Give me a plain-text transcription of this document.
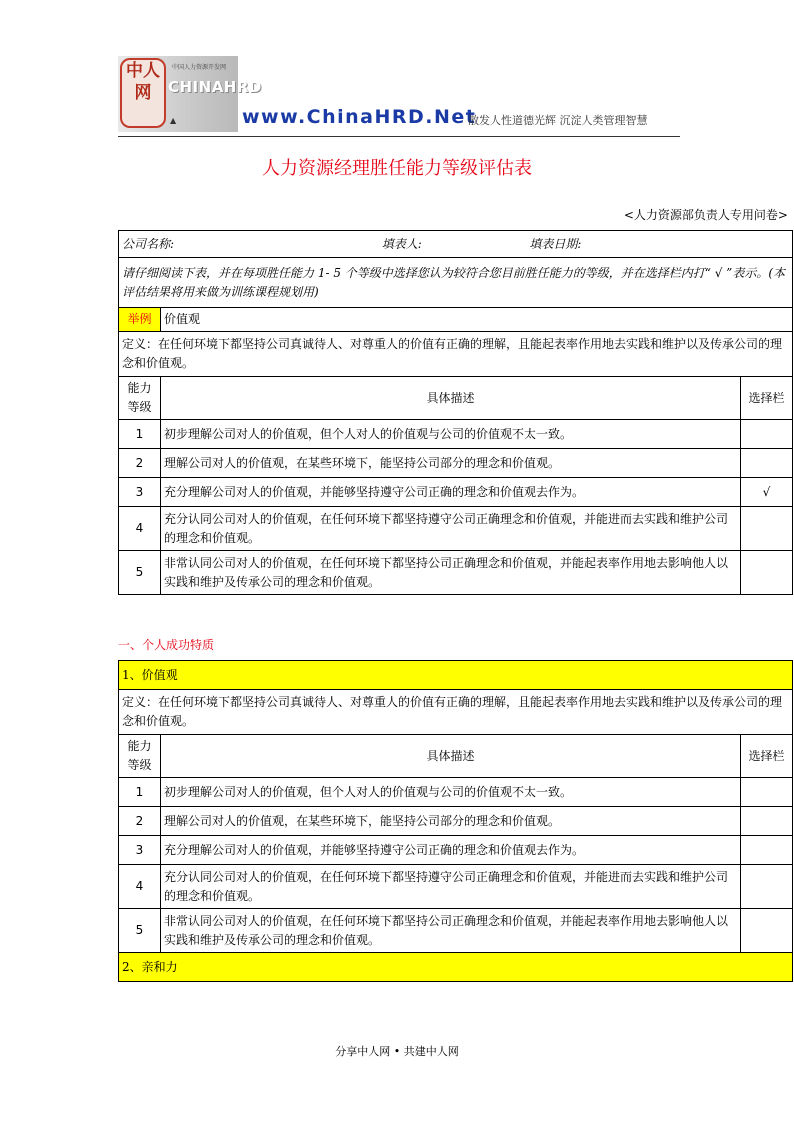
中人网
中国人力资源开发网
CHINAHRD
▲	www.ChinaHRD.Net
散发人性道德光辉 沉淀人类管理智慧
人力资源经理胜任能力等级评估表
<人力资源部负责人专用问卷>
公司名称: 填表人: 填表日期:		
请仔细阅读下表，并在每项胜任能力 1- 5 个等级中选择您认为较符合您目前胜任能力的等级，并在选择栏内打“ √ ”表示。(本评估结果将用来做为训练课程规划用)		
举例	价值观	
定义：在任何环境下都坚持公司真诚待人、对尊重人的价值有正确的理解，且能起表率作用地去实践和维护以及传承公司的理念和价值观。		
能力等级	具体描述	选择栏
1	初步理解公司对人的价值观，但个人对人的价值观与公司的价值观不太一致。	
2	理解公司对人的价值观，在某些环境下，能坚持公司部分的理念和价值观。	
3	充分理解公司对人的价值观，并能够坚持遵守公司正确的理念和价值观去作为。	√
4	充分认同公司对人的价值观，在任何环境下都坚持遵守公司正确理念和价值观，并能进而去实践和维护公司的理念和价值观。	
5	非常认同公司对人的价值观，在任何环境下都坚持公司正确理念和价值观，并能起表率作用地去影响他人以实践和维护及传承公司的理念和价值观。	
一、个人成功特质
1、价值观		
定义：在任何环境下都坚持公司真诚待人、对尊重人的价值有正确的理解，且能起表率作用地去实践和维护以及传承公司的理念和价值观。		
能力等级	具体描述	选择栏
1	初步理解公司对人的价值观，但个人对人的价值观与公司的价值观不太一致。	
2	理解公司对人的价值观，在某些环境下，能坚持公司部分的理念和价值观。	
3	充分理解公司对人的价值观，并能够坚持遵守公司正确的理念和价值观去作为。	
4	充分认同公司对人的价值观，在任何环境下都坚持遵守公司正确理念和价值观，并能进而去实践和维护公司的理念和价值观。	
5	非常认同公司对人的价值观，在任何环境下都坚持公司正确理念和价值观，并能起表率作用地去影响他人以实践和维护及传承公司的理念和价值观。	
2、亲和力		
分享中人网 • 共建中人网
